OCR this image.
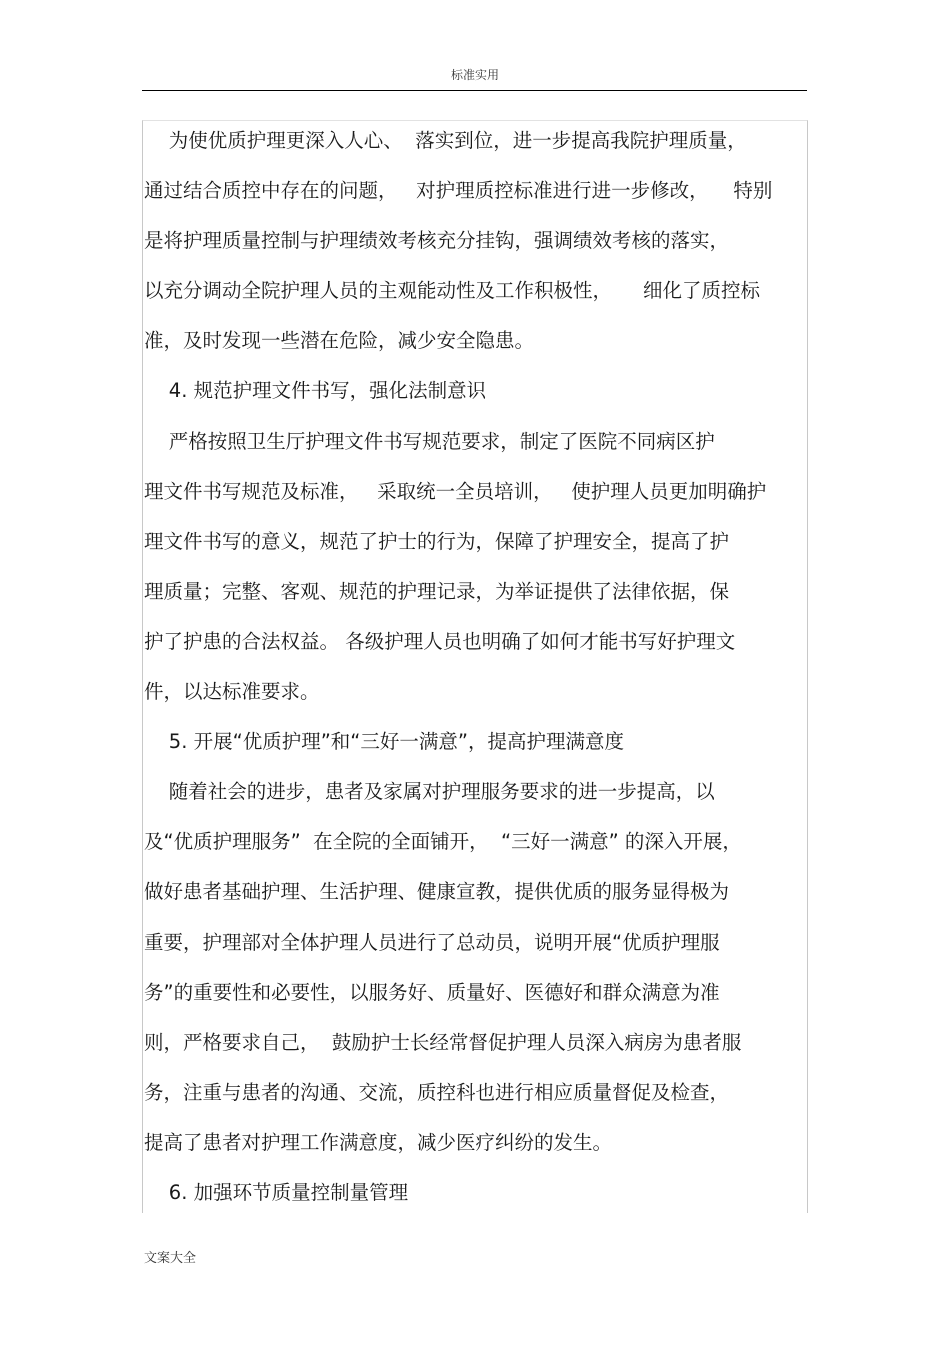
标准实用
为使优质护理更深入人心、  落实到位，进一步提高我院护理质量，
通过结合质控中存在的问题，   对护理质控标准进行进一步修改，    特别
是将护理质量控制与护理绩效考核充分挂钩，强调绩效考核的落实，
以充分调动全院护理人员的主观能动性及工作积极性，     细化了质控标
准，及时发现一些潜在危险，减少安全隐患。
4. 规范护理文件书写，强化法制意识
严格按照卫生厅护理文件书写规范要求，制定了医院不同病区护
理文件书写规范及标准，   采取统一全员培训，   使护理人员更加明确护
理文件书写的意义，规范了护士的行为，保障了护理安全，提高了护
理质量；完整、客观、规范的护理记录，为举证提供了法律依据，保
护了护患的合法权益。 各级护理人员也明确了如何才能书写好护理文
件，以达标准要求。
5. 开展“优质护理”和“三好一满意”，提高护理满意度
随着社会的进步，患者及家属对护理服务要求的进一步提高，以
及“优质护理服务”  在全院的全面铺开，  “三好一满意” 的深入开展，
做好患者基础护理、生活护理、健康宣教，提供优质的服务显得极为
重要，护理部对全体护理人员进行了总动员，说明开展“优质护理服
务”的重要性和必要性，以服务好、质量好、医德好和群众满意为准
则，严格要求自己，  鼓励护士长经常督促护理人员深入病房为患者服
务，注重与患者的沟通、交流，质控科也进行相应质量督促及检查，
提高了患者对护理工作满意度，减少医疗纠纷的发生。
6. 加强环节质量控制量管理
文案大全
